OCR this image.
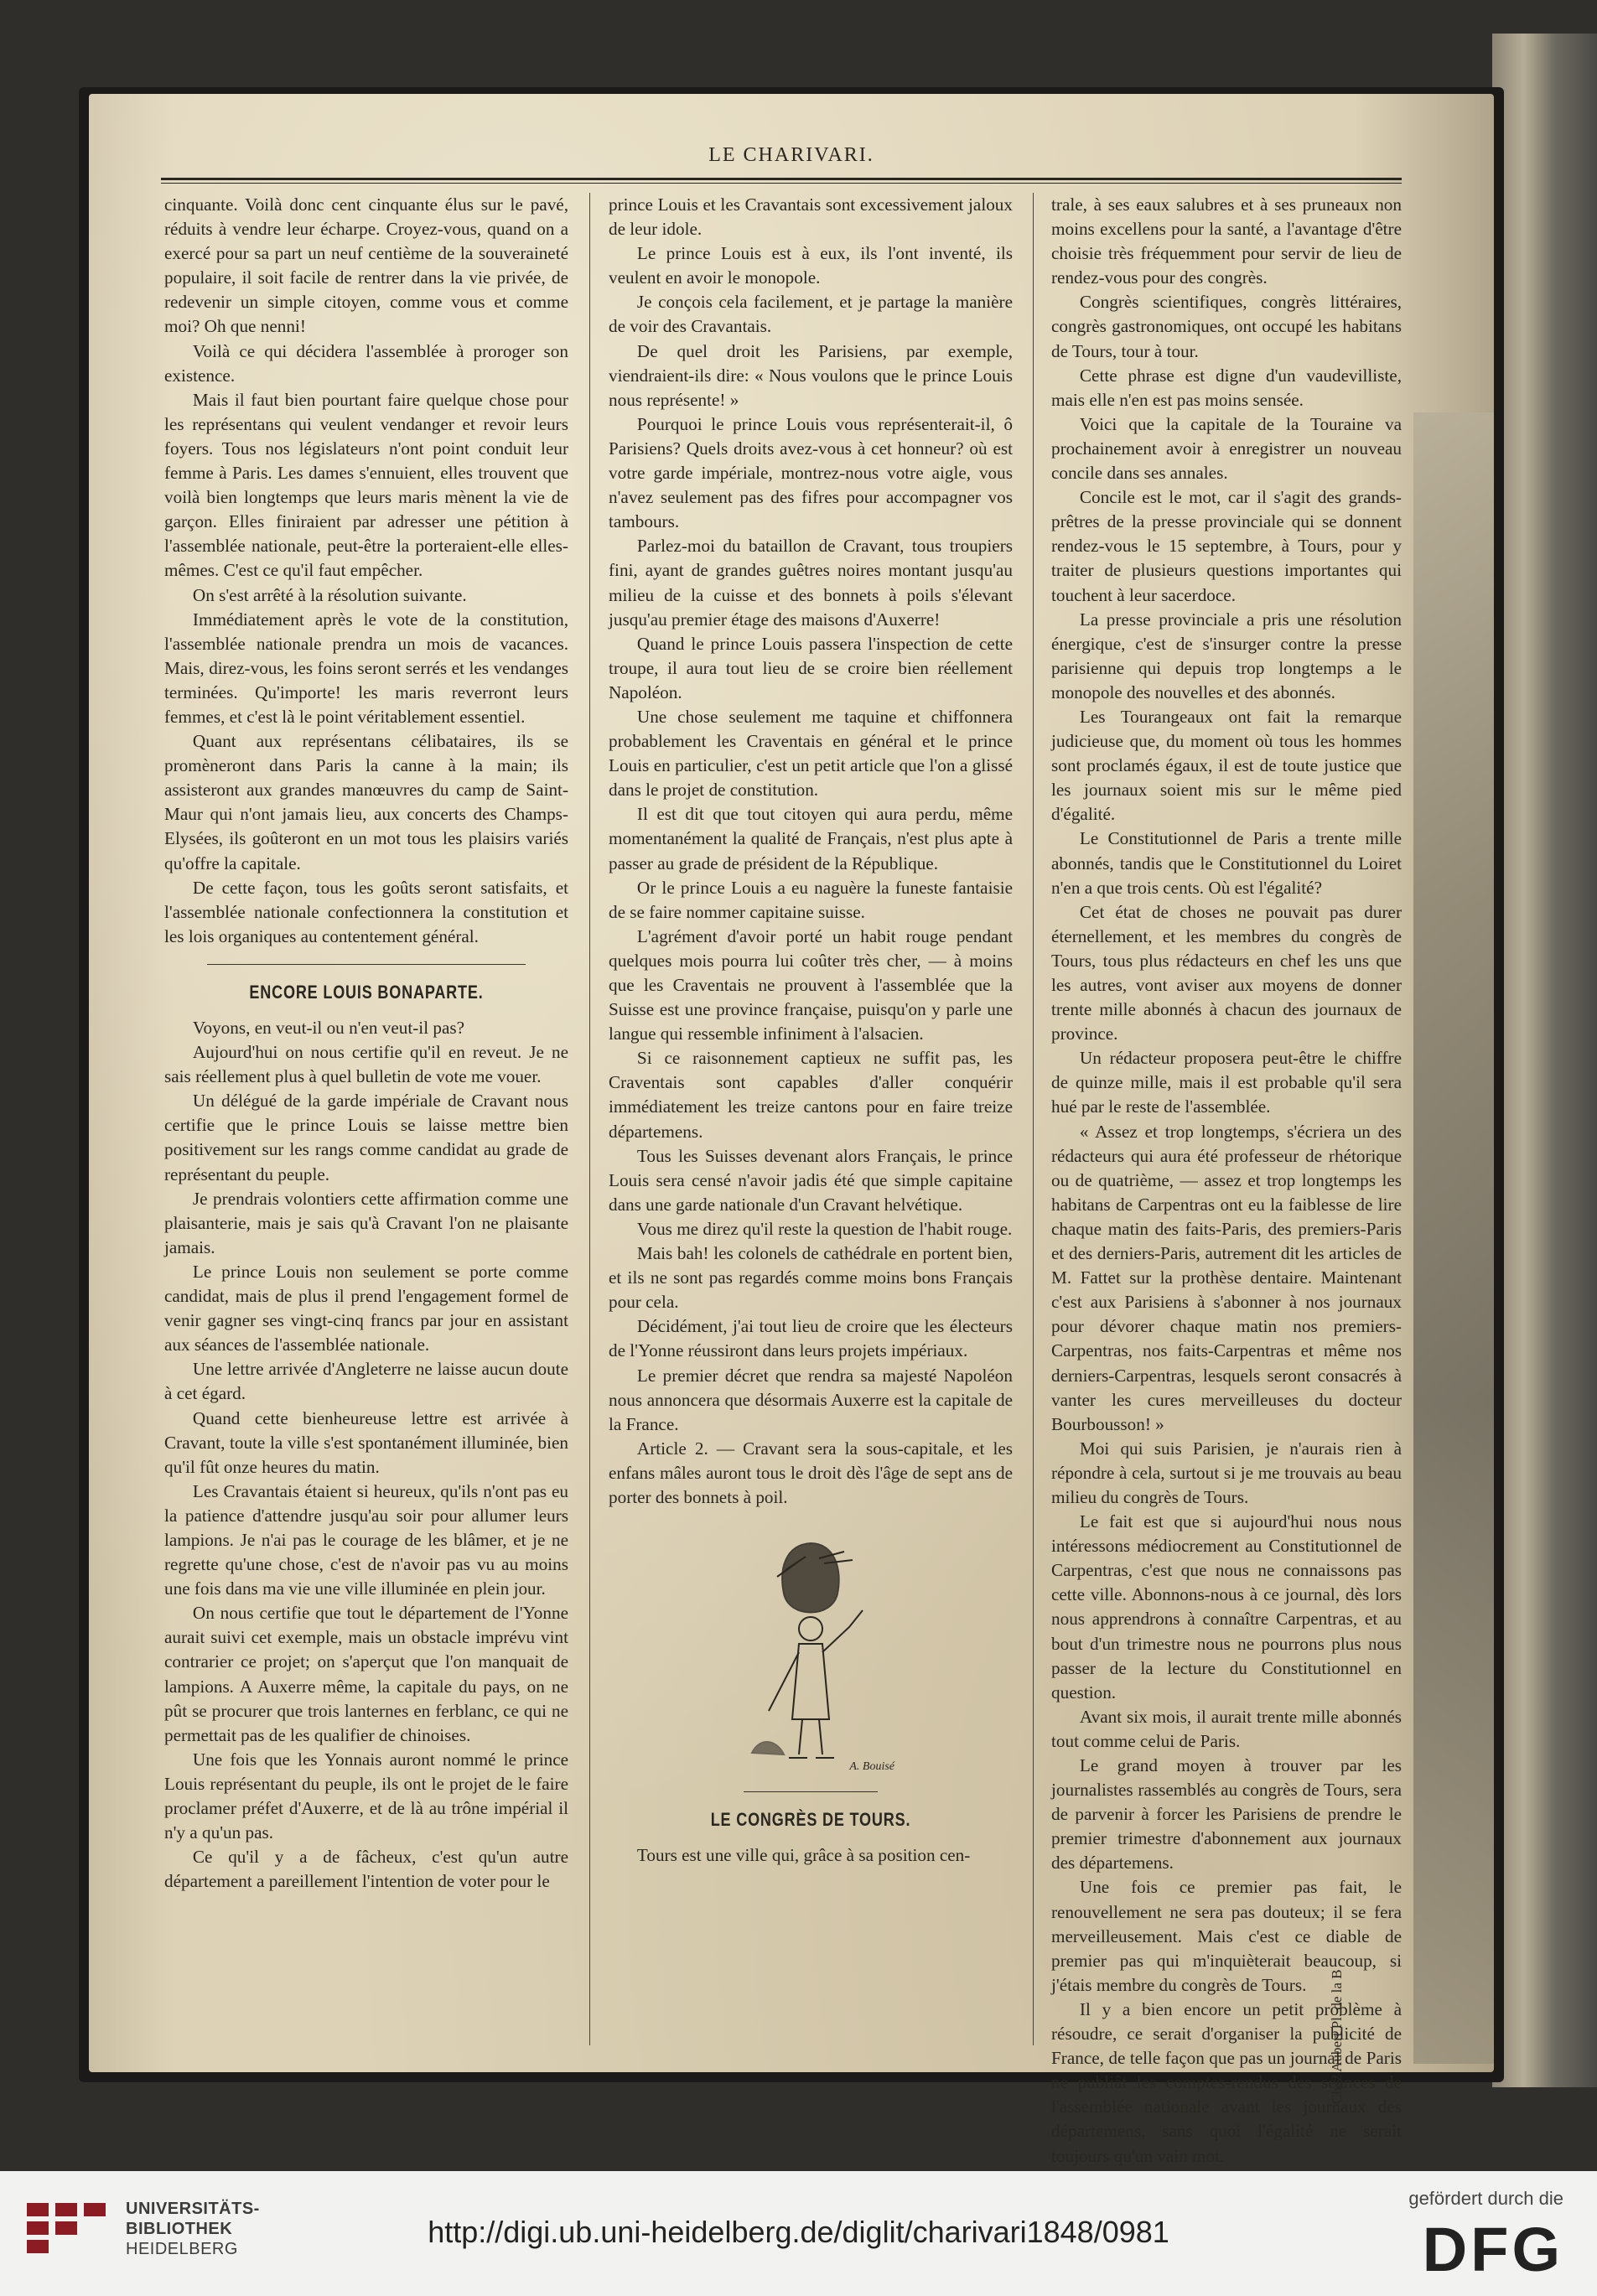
LE CHARIVARI.

cinquante. Voilà donc cent cinquante élus sur le pavé, réduits à vendre leur écharpe. Croyez-vous, quand on a exercé pour sa part un neuf centième de la souveraineté populaire, il soit facile de rentrer dans la vie privée, de redevenir un simple citoyen, comme vous et comme moi? Oh que nenni!

Voilà ce qui décidera l'assemblée à proroger son existence.

Mais il faut bien pourtant faire quelque chose pour les représentans qui veulent vendanger et revoir leurs foyers. Tous nos législateurs n'ont point conduit leur femme à Paris. Les dames s'ennuient, elles trouvent que voilà bien longtemps que leurs maris mènent la vie de garçon. Elles finiraient par adresser une pétition à l'assemblée nationale, peut-être la porteraient-elle elles-mêmes. C'est ce qu'il faut empêcher.

On s'est arrêté à la résolution suivante.

Immédiatement après le vote de la constitution, l'assemblée nationale prendra un mois de vacances. Mais, direz-vous, les foins seront serrés et les vendanges terminées. Qu'importe! les maris reverront leurs femmes, et c'est là le point véritablement essentiel.

Quant aux représentans célibataires, ils se promèneront dans Paris la canne à la main; ils assisteront aux grandes manœuvres du camp de Saint-Maur qui n'ont jamais lieu, aux concerts des Champs-Elysées, ils goûteront en un mot tous les plaisirs variés qu'offre la capitale.

De cette façon, tous les goûts seront satisfaits, et l'assemblée nationale confectionnera la constitution et les lois organiques au contentement général.

ENCORE LOUIS BONAPARTE.

Voyons, en veut-il ou n'en veut-il pas?

Aujourd'hui on nous certifie qu'il en reveut. Je ne sais réellement plus à quel bulletin de vote me vouer.

Un délégué de la garde impériale de Cravant nous certifie que le prince Louis se laisse mettre bien positivement sur les rangs comme candidat au grade de représentant du peuple.

Je prendrais volontiers cette affirmation comme une plaisanterie, mais je sais qu'à Cravant l'on ne plaisante jamais.

Le prince Louis non seulement se porte comme candidat, mais de plus il prend l'engagement formel de venir gagner ses vingt-cinq francs par jour en assistant aux séances de l'assemblée nationale.

Une lettre arrivée d'Angleterre ne laisse aucun doute à cet égard.

Quand cette bienheureuse lettre est arrivée à Cravant, toute la ville s'est spontanément illuminée, bien qu'il fût onze heures du matin.

Les Cravantais étaient si heureux, qu'ils n'ont pas eu la patience d'attendre jusqu'au soir pour allumer leurs lampions. Je n'ai pas le courage de les blâmer, et je ne regrette qu'une chose, c'est de n'avoir pas vu au moins une fois dans ma vie une ville illuminée en plein jour.

On nous certifie que tout le département de l'Yonne aurait suivi cet exemple, mais un obstacle imprévu vint contrarier ce projet; on s'aperçut que l'on manquait de lampions. A Auxerre même, la capitale du pays, on ne pût se procurer que trois lanternes en ferblanc, ce qui ne permettait pas de les qualifier de chinoises.

Une fois que les Yonnais auront nommé le prince Louis représentant du peuple, ils ont le projet de le faire proclamer préfet d'Auxerre, et de là au trône impérial il n'y a qu'un pas.

Ce qu'il y a de fâcheux, c'est qu'un autre département a pareillement l'intention de voter pour le

prince Louis et les Cravantais sont excessivement jaloux de leur idole.

Le prince Louis est à eux, ils l'ont inventé, ils veulent en avoir le monopole.

Je conçois cela facilement, et je partage la manière de voir des Cravantais.

De quel droit les Parisiens, par exemple, viendraient-ils dire: « Nous voulons que le prince Louis nous représente! »

Pourquoi le prince Louis vous représenterait-il, ô Parisiens? Quels droits avez-vous à cet honneur? où est votre garde impériale, montrez-nous votre aigle, vous n'avez seulement pas des fifres pour accompagner vos tambours.

Parlez-moi du bataillon de Cravant, tous troupiers fini, ayant de grandes guêtres noires montant jusqu'au milieu de la cuisse et des bonnets à poils s'élevant jusqu'au premier étage des maisons d'Auxerre!

Quand le prince Louis passera l'inspection de cette troupe, il aura tout lieu de se croire bien réellement Napoléon.

Une chose seulement me taquine et chiffonnera probablement les Craventais en général et le prince Louis en particulier, c'est un petit article que l'on a glissé dans le projet de constitution.

Il est dit que tout citoyen qui aura perdu, même momentanément la qualité de Français, n'est plus apte à passer au grade de président de la République.

Or le prince Louis a eu naguère la funeste fantaisie de se faire nommer capitaine suisse.

L'agrément d'avoir porté un habit rouge pendant quelques mois pourra lui coûter très cher, — à moins que les Craventais ne prouvent à l'assemblée que la Suisse est une province française, puisqu'on y parle une langue qui ressemble infiniment à l'alsacien.

Si ce raisonnement captieux ne suffit pas, les Craventais sont capables d'aller conquérir immédiatement les treize cantons pour en faire treize départemens.

Tous les Suisses devenant alors Français, le prince Louis sera censé n'avoir jadis été que simple capitaine dans une garde nationale d'un Cravant helvétique.

Vous me direz qu'il reste la question de l'habit rouge.

Mais bah! les colonels de cathédrale en portent bien, et ils ne sont pas regardés comme moins bons Français pour cela.

Décidément, j'ai tout lieu de croire que les électeurs de l'Yonne réussiront dans leurs projets impériaux.

Le premier décret que rendra sa majesté Napoléon nous annoncera que désormais Auxerre est la capitale de la France.

Article 2. — Cravant sera la sous-capitale, et les enfans mâles auront tous le droit dès l'âge de sept ans de porter des bonnets à poil.

A. Bouisé
LE CONGRÈS DE TOURS.

Tours est une ville qui, grâce à sa position cen-

trale, à ses eaux salubres et à ses pruneaux non moins excellens pour la santé, a l'avantage d'être choisie très fréquemment pour servir de lieu de rendez-vous pour des congrès.

Congrès scientifiques, congrès littéraires, congrès gastronomiques, ont occupé les habitans de Tours, tour à tour.

Cette phrase est digne d'un vaudevilliste, mais elle n'en est pas moins sensée.

Voici que la capitale de la Touraine va prochainement avoir à enregistrer un nouveau concile dans ses annales.

Concile est le mot, car il s'agit des grands-prêtres de la presse provinciale qui se donnent rendez-vous le 15 septembre, à Tours, pour y traiter de plusieurs questions importantes qui touchent à leur sacerdoce.

La presse provinciale a pris une résolution énergique, c'est de s'insurger contre la presse parisienne qui depuis trop longtemps a le monopole des nouvelles et des abonnés.

Les Tourangeaux ont fait la remarque judicieuse que, du moment où tous les hommes sont proclamés égaux, il est de toute justice que les journaux soient mis sur le même pied d'égalité.

Le Constitutionnel de Paris a trente mille abonnés, tandis que le Constitutionnel du Loiret n'en a que trois cents. Où est l'égalité?

Cet état de choses ne pouvait pas durer éternellement, et les membres du congrès de Tours, tous plus rédacteurs en chef les uns que les autres, vont aviser aux moyens de donner trente mille abonnés à chacun des journaux de province.

Un rédacteur proposera peut-être le chiffre de quinze mille, mais il est probable qu'il sera hué par le reste de l'assemblée.

« Assez et trop longtemps, s'écriera un des rédacteurs qui aura été professeur de rhétorique ou de quatrième, — assez et trop longtemps les habitans de Carpentras ont eu la faiblesse de lire chaque matin des faits-Paris, des premiers-Paris et des derniers-Paris, autrement dit les articles de M. Fattet sur la prothèse dentaire. Maintenant c'est aux Parisiens à s'abonner à nos journaux pour dévorer chaque matin nos premiers-Carpentras, nos faits-Carpentras et même nos derniers-Carpentras, lesquels seront consacrés à vanter les cures merveilleuses du docteur Bourbousson! »

Moi qui suis Parisien, je n'aurais rien à répondre à cela, surtout si je me trouvais au beau milieu du congrès de Tours.

Le fait est que si aujourd'hui nous nous intéressons médiocrement au Constitutionnel de Carpentras, c'est que nous ne connaissons pas cette ville. Abonnons-nous à ce journal, dès lors nous apprendrons à connaître Carpentras, et au bout d'un trimestre nous ne pourrons plus nous passer de la lecture du Constitutionnel en question.

Avant six mois, il aurait trente mille abonnés tout comme celui de Paris.

Le grand moyen à trouver par les journalistes rassemblés au congrès de Tours, sera de parvenir à forcer les Parisiens de prendre le premier trimestre d'abonnement aux journaux des départemens.

Une fois ce premier pas fait, le renouvellement ne sera pas douteux; il se fera merveilleusement. Mais c'est ce diable de premier pas qui m'inquièterait beaucoup, si j'étais membre du congrès de Tours.

Il y a bien encore un petit problème à résoudre, ce serait d'organiser la publicité de France, de telle façon que pas un journal de Paris ne publiât les comptes-rendus des séances de l'assemblée nationale avant les journaux des départemens, sans quoi l'égalité ne serait toujours qu'un vain mot.

Chez Aubert Pl. de la B
UNIVERSITÄTS-
BIBLIOTHEK
HEIDELBERG	http://digi.ub.uni-heidelberg.de/diglit/charivari1848/0981
gefördert durch die
DFG
